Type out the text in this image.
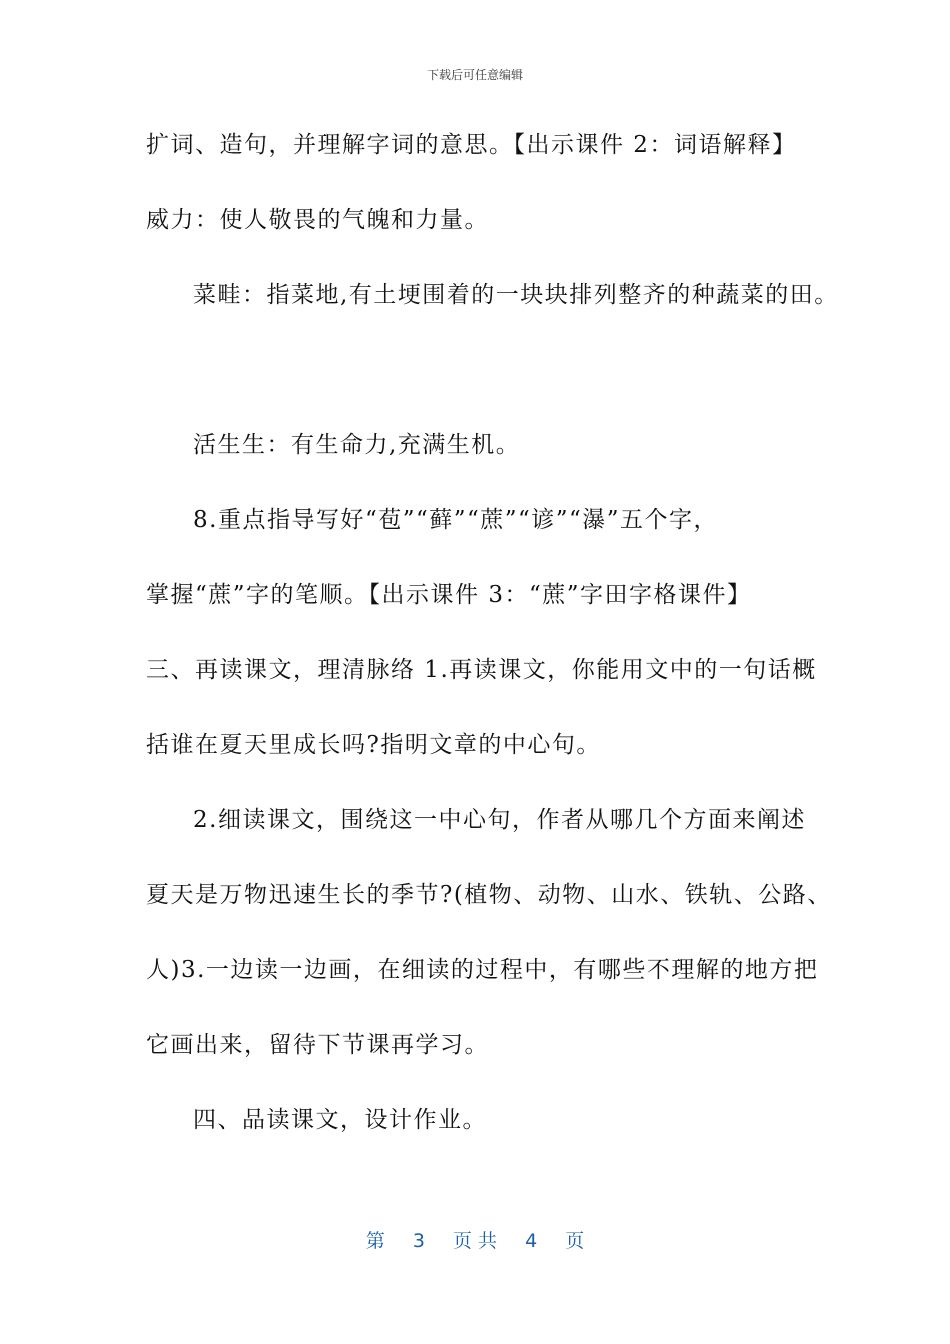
下载后可任意编辑
扩词、造句，并理解字词的意思。【出示课件 2：词语解释】
威力：使人敬畏的气魄和力量。
菜畦：指菜地,有土埂围着的一块块排列整齐的种蔬菜的田。
活生生：有生命力,充满生机。
8.重点指导写好“苞”“藓”“蔗”“谚”“瀑”五个字，
掌握“蔗”字的笔顺。【出示课件 3：“蔗”字田字格课件】
三、再读课文，理清脉络 1.再读课文，你能用文中的一句话概
括谁在夏天里成长吗?指明文章的中心句。
2.细读课文，围绕这一中心句，作者从哪几个方面来阐述
夏天是万物迅速生长的季节?(植物、动物、山水、铁轨、公路、
人)3.一边读一边画，在细读的过程中，有哪些不理解的地方把
它画出来，留待下节课再学习。
四、品读课文，设计作业。
第 3 页 共 4 页
